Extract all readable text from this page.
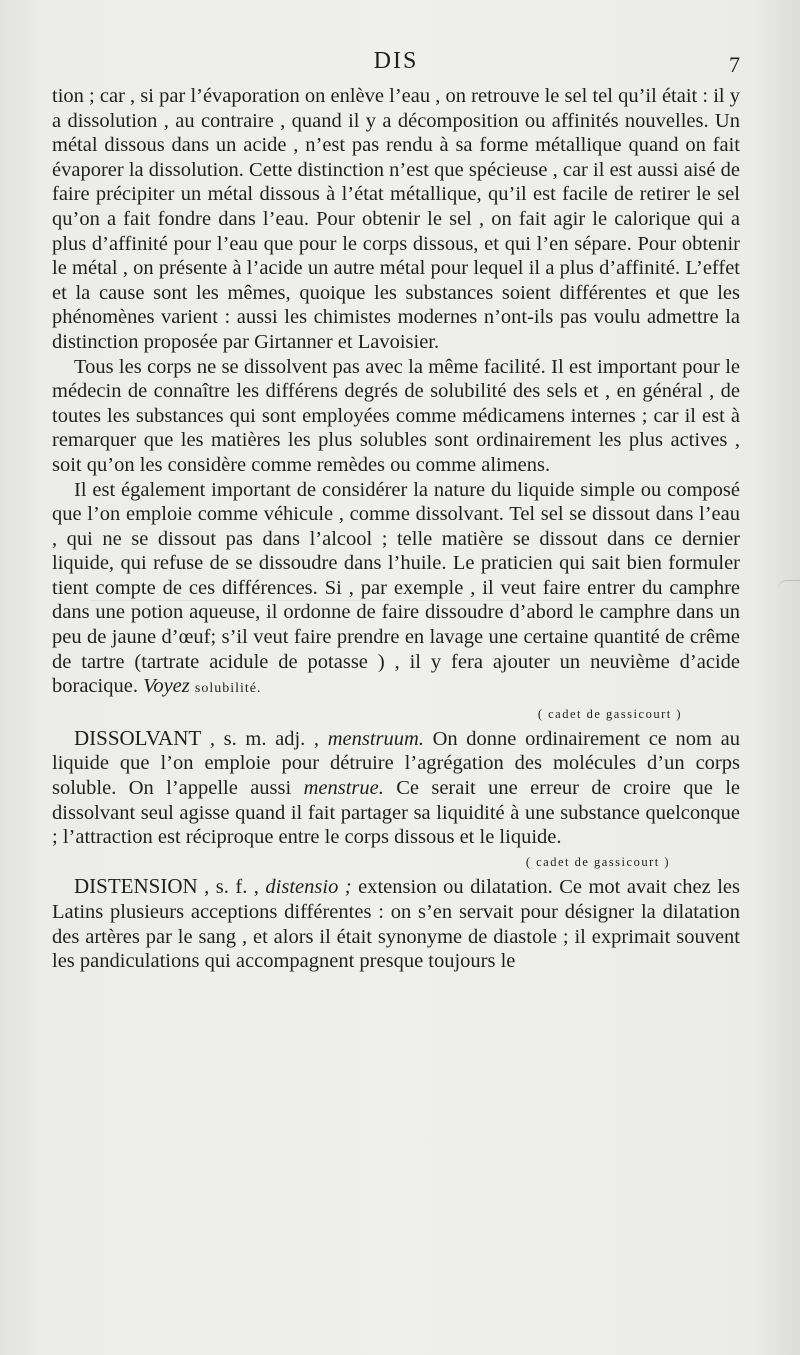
DIS	7

tion ; car , si par l’évaporation on enlève l’eau , on retrouve le sel tel qu’il était : il y a dissolution , au contraire , quand il y a décomposition ou affinités nouvelles. Un métal dissous dans un acide , n’est pas rendu à sa forme métallique quand on fait évaporer la dissolution. Cette distinction n’est que spécieuse , car il est aussi aisé de faire précipiter un métal dissous à l’état métallique, qu’il est facile de retirer le sel qu’on a fait fondre dans l’eau. Pour obtenir le sel , on fait agir le calorique qui a plus d’affinité pour l’eau que pour le corps dissous, et qui l’en sépare. Pour obtenir le métal , on présente à l’acide un autre métal pour lequel il a plus d’affinité. L’effet et la cause sont les mêmes, quoique les substances soient différentes et que les phénomènes varient : aussi les chimistes modernes n’ont-ils pas voulu admettre la distinction proposée par Girtanner et Lavoisier.

Tous les corps ne se dissolvent pas avec la même facilité. Il est important pour le médecin de connaître les différens degrés de solubilité des sels et , en général , de toutes les substances qui sont employées comme médicamens internes ; car il est à remarquer que les matières les plus solubles sont ordinairement les plus actives , soit qu’on les considère comme remèdes ou comme alimens.

Il est également important de considérer la nature du liquide simple ou composé que l’on emploie comme véhicule , comme dissolvant. Tel sel se dissout dans l’eau , qui ne se dissout pas dans l’alcool ; telle matière se dissout dans ce dernier liquide, qui refuse de se dissoudre dans l’huile. Le praticien qui sait bien formuler tient compte de ces différences. Si , par exemple , il veut faire entrer du camphre dans une potion aqueuse, il ordonne de faire dissoudre d’abord le camphre dans un peu de jaune d’œuf; s’il veut faire prendre en lavage une certaine quantité de crême de tartre (tartrate acidule de potasse ) , il y fera ajouter un neuvième d’acide boracique. Voyez solubilité.

( cadet de gassicourt )

DISSOLVANT , s. m. adj. , menstruum. On donne ordinairement ce nom au liquide que l’on emploie pour détruire l’agrégation des molécules d’un corps soluble. On l’appelle aussi menstrue. Ce serait une erreur de croire que le dissolvant seul agisse quand il fait partager sa liquidité à une substance quelconque ; l’attraction est réciproque entre le corps dissous et le liquide.
( cadet de gassicourt )

DISTENSION , s. f. , distensio ; extension ou dilatation. Ce mot avait chez les Latins plusieurs acceptions différentes : on s’en servait pour désigner la dilatation des artères par le sang , et alors il était synonyme de diastole ; il exprimait souvent les pandiculations qui accompagnent presque toujours le
